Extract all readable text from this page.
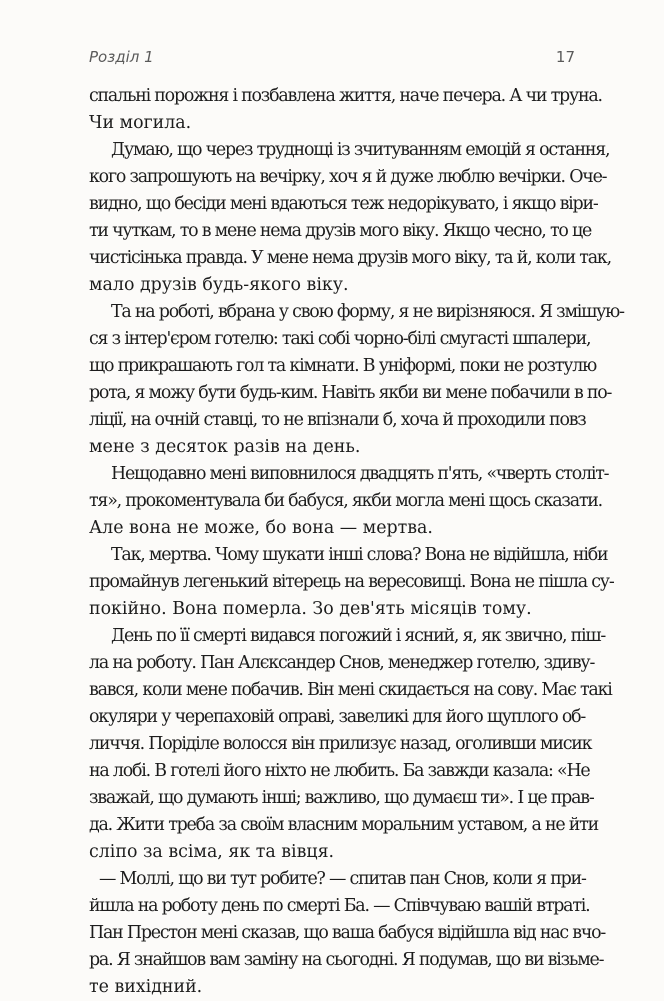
Розділ 1	17
спальні порожня і позбавлена життя, наче печера. А чи труна.
Чи могила.
Думаю, що через труднощі із зчитуванням емоцій я остання,
кого запрошують на вечірку, хоч я й дуже люблю вечірки. Оче-
видно, що бесіди мені вдаються теж недорікувато, і якщо віри-
ти чуткам, то в мене нема друзів мого віку. Якщо чесно, то це
чистісінька правда. У мене нема друзів мого віку, та й, коли так,
мало друзів будь-якого віку.
Та на роботі, вбрана у свою форму, я не вирізняюся. Я змішую-
ся з інтер'єром готелю: такі собі чорно-білі смугасті шпалери,
що прикрашають гол та кімнати. В уніформі, поки не розтулю
рота, я можу бути будь-ким. Навіть якби ви мене побачили в по-
ліції, на очній ставці, то не впізнали б, хоча й проходили повз
мене з десяток разів на день.
Нещодавно мені виповнилося двадцять п'ять, «чверть століт-
тя», прокоментувала би бабуся, якби могла мені щось сказати.
Але вона не може, бо вона — мертва.
Так, мертва. Чому шукати інші слова? Вона не відійшла, ніби
промайнув легенький вітерець на вересовищі. Вона не пішла су-
покійно. Вона померла. Зо дев'ять місяців тому.
День по її смерті видався погожий і ясний, я, як звично, піш-
ла на роботу. Пан Алєксандер Снов, менеджер готелю, здиву-
вався, коли мене побачив. Він мені скидається на сову. Має такі
окуляри у черепаховій оправі, завеликі для його щуплого об-
личчя. Поріділе волосся він прилизує назад, оголивши мисик
на лобі. В готелі його ніхто не любить. Ба завжди казала: «Не
зважай, що думають інші; важливо, що думаєш ти». І це прав-
да. Жити треба за своїм власним моральним уставом, а не йти
сліпо за всіма, як та вівця.
— Моллі, що ви тут робите? — спитав пан Снов, коли я при-
йшла на роботу день по смерті Ба. — Співчуваю вашій втраті.
Пан Престон мені сказав, що ваша бабуся відійшла від нас вчо-
ра. Я знайшов вам заміну на сьогодні. Я подумав, що ви візьме-
те вихідний.
